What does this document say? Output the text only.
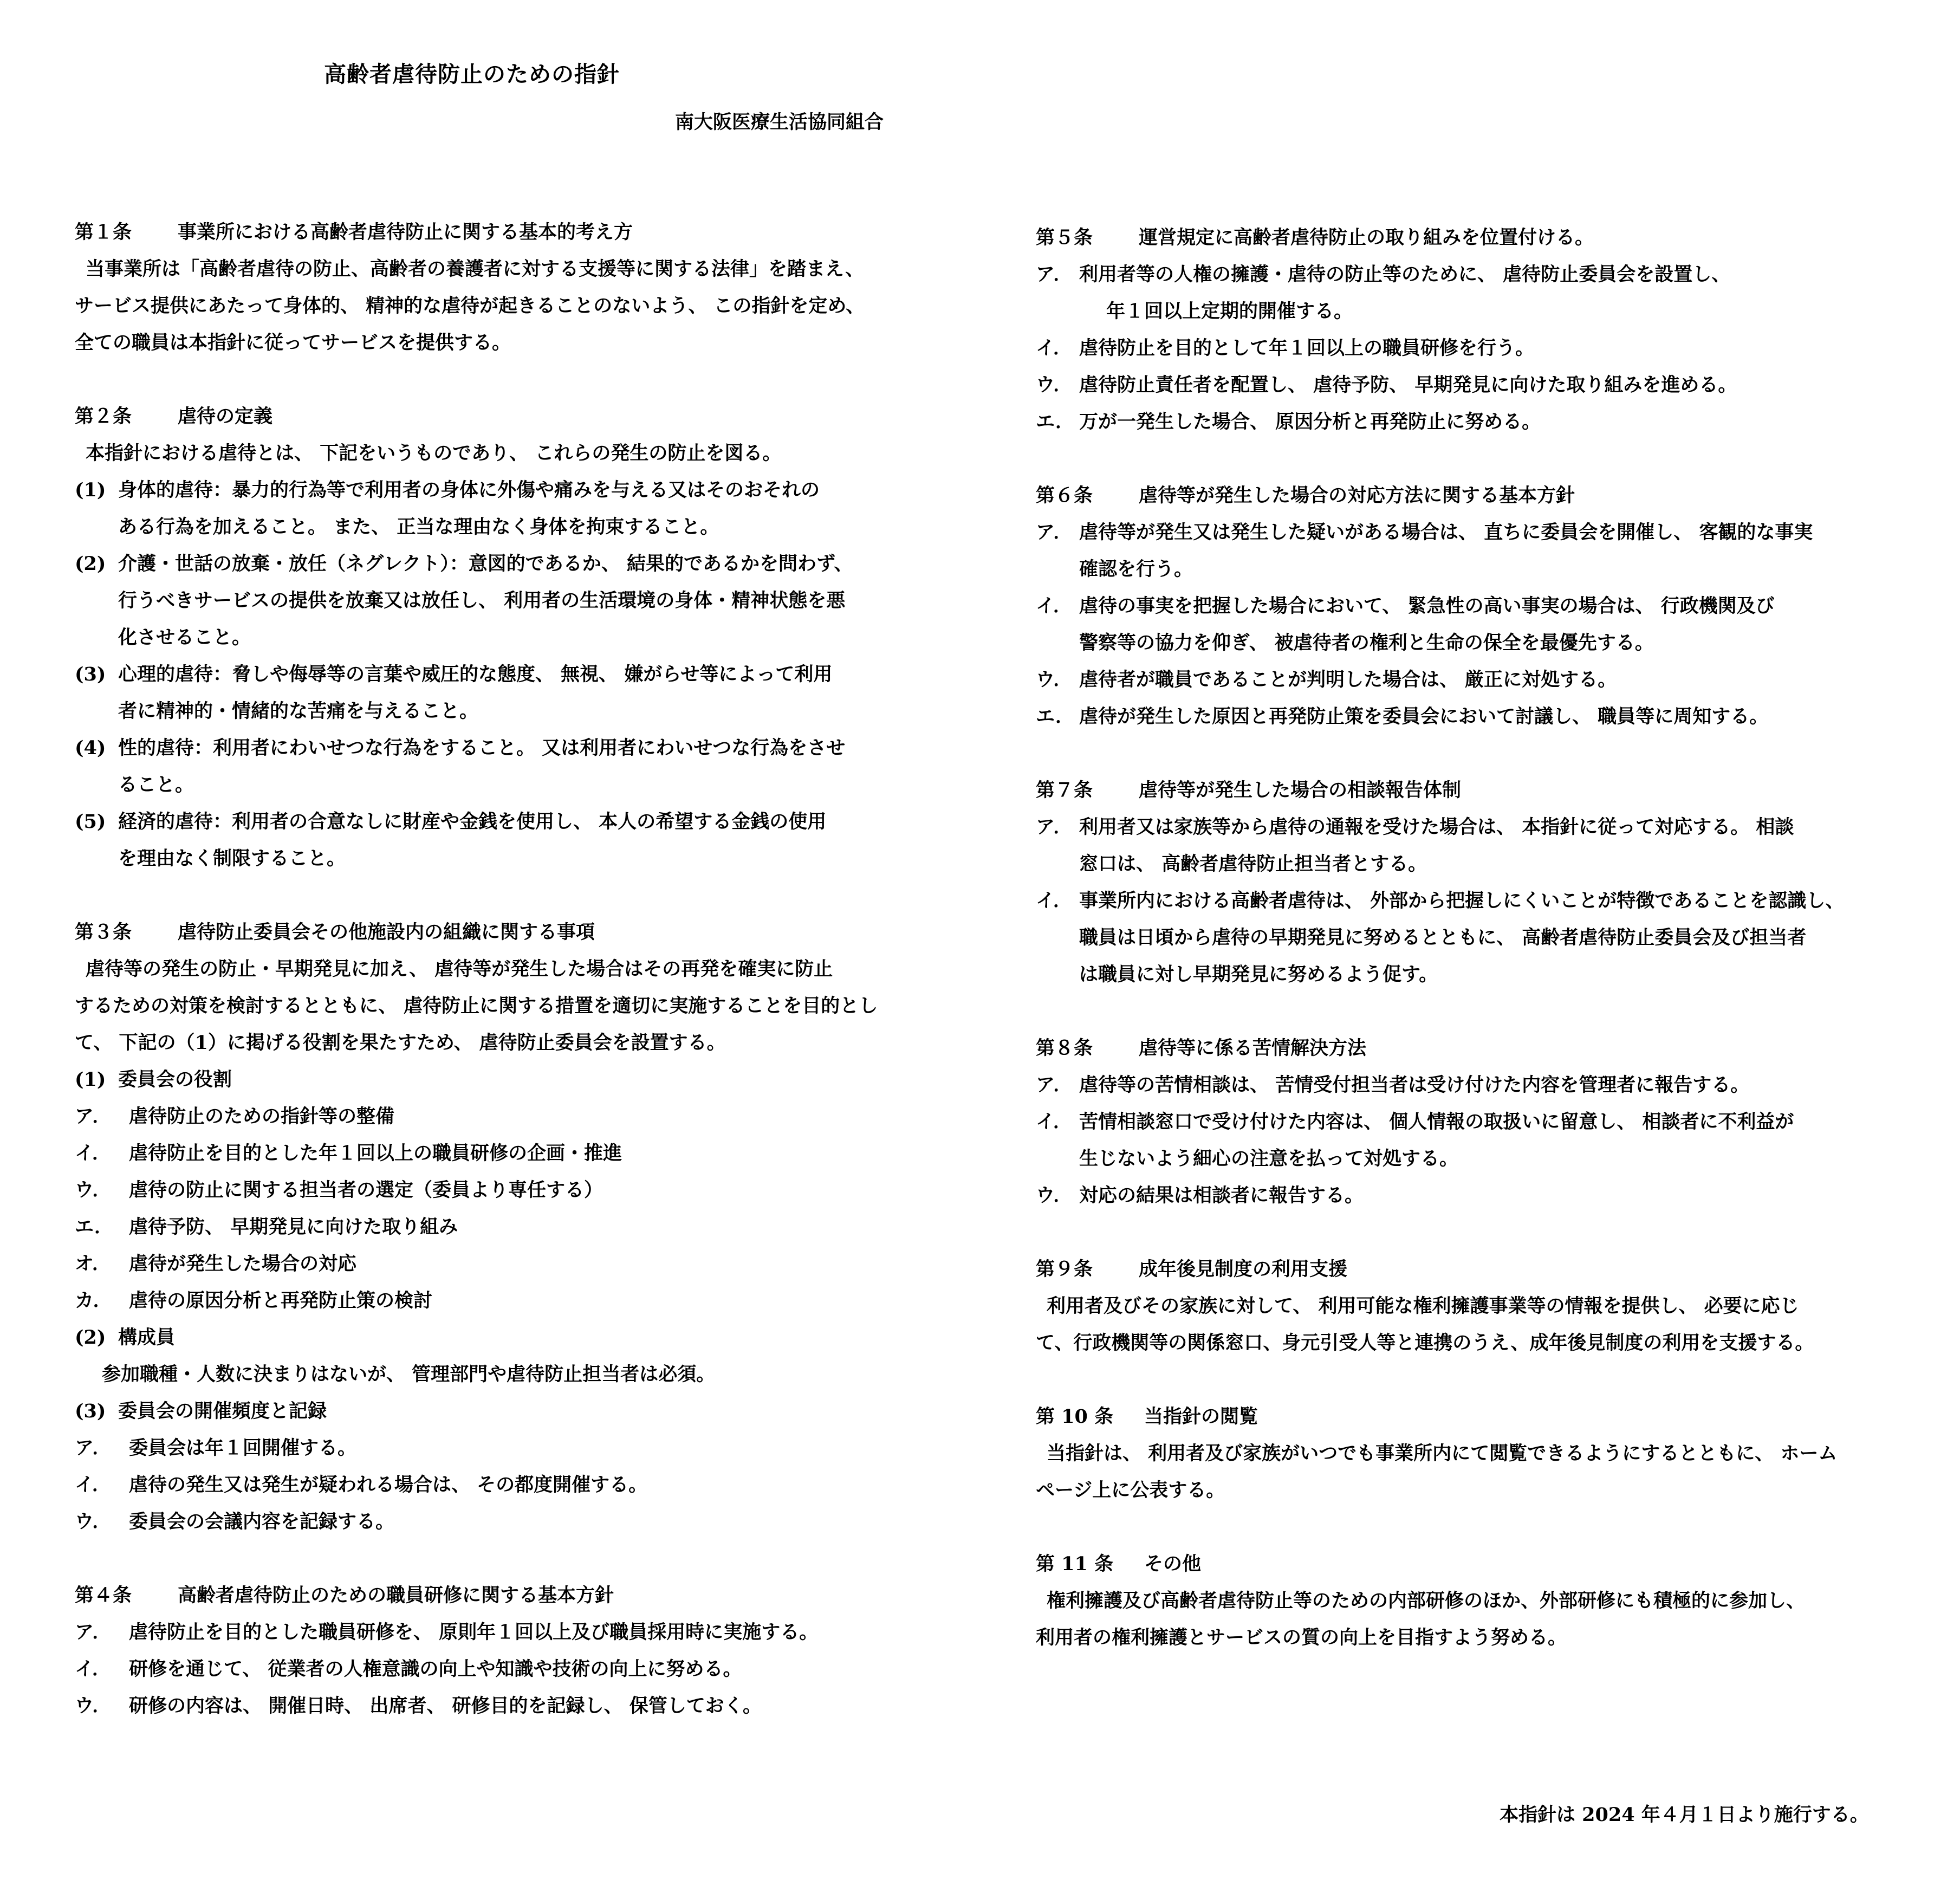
高齢者虐待防止のための指針
南大阪医療生活協同組合
第１条 事業所における高齢者虐待防止に関する基本的考え方
当事業所は「高齢者虐待の防止、高齢者の養護者に対する支援等に関する法律」を踏まえ、
サービス提供にあたって身体的、 精神的な虐待が起きることのないよう、 この指針を定め、
全ての職員は本指針に従ってサービスを提供する。
第２条 虐待の定義
本指針における虐待とは、 下記をいうものであり、 これらの発生の防止を図る。
(1) 身体的虐待：暴力的行為等で利用者の身体に外傷や痛みを与える又はそのおそれの
ある行為を加えること。 また、 正当な理由なく身体を拘束すること。
(2) 介護・世話の放棄・放任（ネグレクト）：意図的であるか、 結果的であるかを問わず、
行うべきサービスの提供を放棄又は放任し、 利用者の生活環境の身体・精神状態を悪
化させること。
(3) 心理的虐待：脅しや侮辱等の言葉や威圧的な態度、 無視、 嫌がらせ等によって利用
者に精神的・情緒的な苦痛を与えること。
(4) 性的虐待：利用者にわいせつな行為をすること。 又は利用者にわいせつな行為をさせ
ること。
(5) 経済的虐待：利用者の合意なしに財産や金銭を使用し、 本人の希望する金銭の使用
を理由なく制限すること。
第３条 虐待防止委員会その他施設内の組織に関する事項
虐待等の発生の防止・早期発見に加え、 虐待等が発生した場合はその再発を確実に防止
するための対策を検討するとともに、 虐待防止に関する措置を適切に実施することを目的とし
て、 下記の（1）に掲げる役割を果たすため、 虐待防止委員会を設置する。
(1) 委員会の役割
ア． 虐待防止のための指針等の整備
イ． 虐待防止を目的とした年１回以上の職員研修の企画・推進
ウ． 虐待の防止に関する担当者の選定（委員より専任する）
エ． 虐待予防、 早期発見に向けた取り組み
オ． 虐待が発生した場合の対応
カ． 虐待の原因分析と再発防止策の検討
(2) 構成員
参加職種・人数に決まりはないが、 管理部門や虐待防止担当者は必須。
(3) 委員会の開催頻度と記録
ア． 委員会は年１回開催する。
イ． 虐待の発生又は発生が疑われる場合は、 その都度開催する。
ウ． 委員会の会議内容を記録する。
第４条 高齢者虐待防止のための職員研修に関する基本方針
ア． 虐待防止を目的とした職員研修を、 原則年１回以上及び職員採用時に実施する。
イ． 研修を通じて、 従業者の人権意識の向上や知識や技術の向上に努める。
ウ． 研修の内容は、 開催日時、 出席者、 研修目的を記録し、 保管しておく。
第５条 運営規定に高齢者虐待防止の取り組みを位置付ける。
ア． 利用者等の人権の擁護・虐待の防止等のために、 虐待防止委員会を設置し、
年１回以上定期的開催する。
イ． 虐待防止を目的として年１回以上の職員研修を行う。
ウ． 虐待防止責任者を配置し、 虐待予防、 早期発見に向けた取り組みを進める。
エ． 万が一発生した場合、 原因分析と再発防止に努める。
第６条 虐待等が発生した場合の対応方法に関する基本方針
ア． 虐待等が発生又は発生した疑いがある場合は、 直ちに委員会を開催し、 客観的な事実
確認を行う。
イ． 虐待の事実を把握した場合において、 緊急性の高い事実の場合は、 行政機関及び
警察等の協力を仰ぎ、 被虐待者の権利と生命の保全を最優先する。
ウ． 虐待者が職員であることが判明した場合は、 厳正に対処する。
エ． 虐待が発生した原因と再発防止策を委員会において討議し、 職員等に周知する。
第７条 虐待等が発生した場合の相談報告体制
ア． 利用者又は家族等から虐待の通報を受けた場合は、 本指針に従って対応する。 相談
窓口は、 高齢者虐待防止担当者とする。
イ． 事業所内における高齢者虐待は、 外部から把握しにくいことが特徴であることを認識し、
職員は日頃から虐待の早期発見に努めるとともに、 高齢者虐待防止委員会及び担当者
は職員に対し早期発見に努めるよう促す。
第８条 虐待等に係る苦情解決方法
ア． 虐待等の苦情相談は、 苦情受付担当者は受け付けた内容を管理者に報告する。
イ． 苦情相談窓口で受け付けた内容は、 個人情報の取扱いに留意し、 相談者に不利益が
生じないよう細心の注意を払って対処する。
ウ． 対応の結果は相談者に報告する。
第９条 成年後見制度の利用支援
利用者及びその家族に対して、 利用可能な権利擁護事業等の情報を提供し、 必要に応じ
て、行政機関等の関係窓口、身元引受人等と連携のうえ、成年後見制度の利用を支援する。
第 10 条 当指針の閲覧
当指針は、 利用者及び家族がいつでも事業所内にて閲覧できるようにするとともに、 ホーム
ページ上に公表する。
第 11 条 その他
権利擁護及び高齢者虐待防止等のための内部研修のほか、外部研修にも積極的に参加し、
利用者の権利擁護とサービスの質の向上を目指すよう努める。
本指針は 2024 年４月１日より施行する。
